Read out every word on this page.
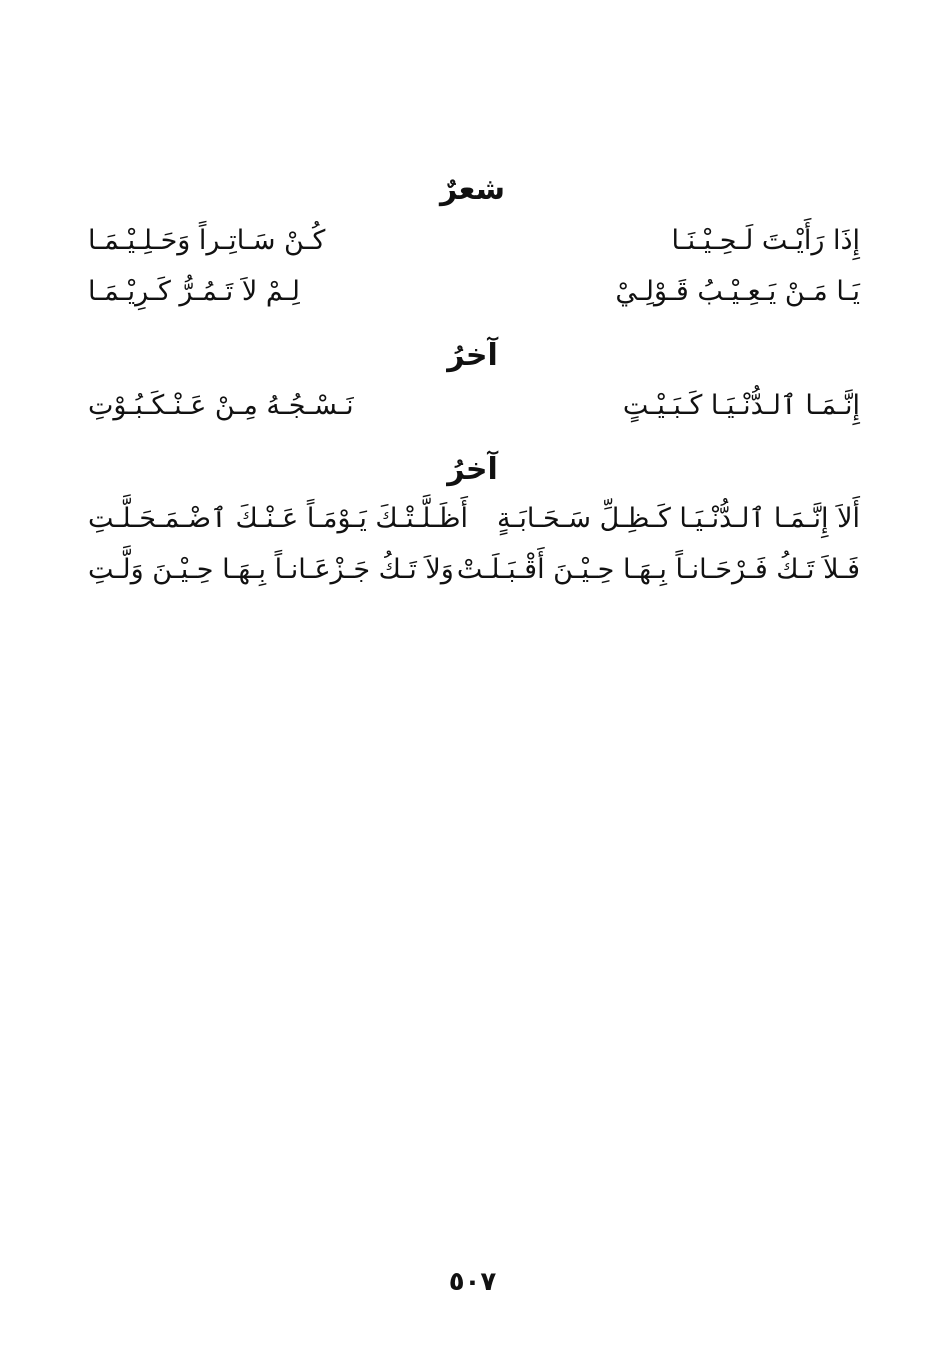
شعرٌ
إِذَا رَأَيْـتَ لَـحِـيْـنَـا
كُـنْ سَـاتِـراً وَحَـلِـيْـمَـا
يَـا مَـنْ يَـعِـيْـبُ قَـوْلِـيْ
لِـمْ لاَ تَـمُـرُّ كَـرِيْـمَـا
آخرُ
إِنَّـمَـا ٱلـدُّنْـيَـا كَـبَـيْـتٍ
نَـسْـجُـهُ مِـنْ عَـنْـكَـبُـوْتِ
آخرُ
أَلاَ إِنَّـمَـا ٱلـدُّنْـيَـا كَـظِـلِّ سَـحَـابَـةٍ
أَظَـلَّـتْـكَ يَـوْمَـاً عَـنْـكَ ٱضْـمَـحَـلَّـتِ
فَـلاَ تَـكُ فَـرْحَـانـاً بِـهَـا حِـيْـنَ أَقْـبَـلَـتْ
وَلاَ تَـكُ جَـزْعَـانـاً بِـهَـا حِـيْـنَ وَلَّـتِ
٥٠٧
